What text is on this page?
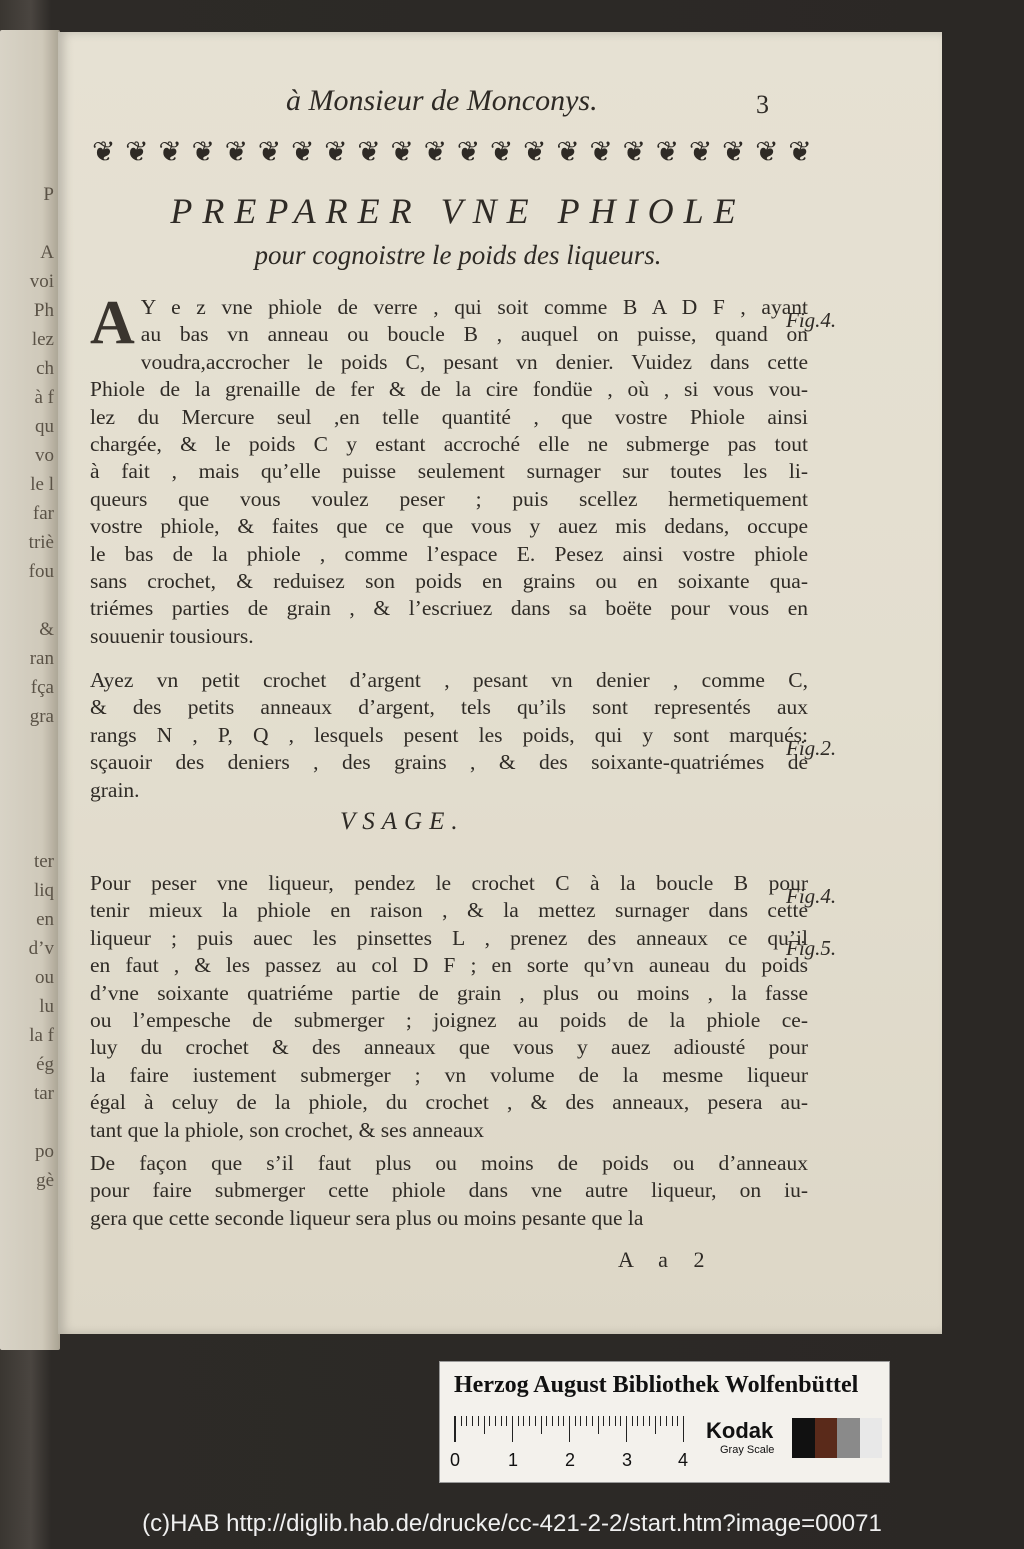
P
A
voi
Ph
lez
ch
à f
qu
vo
le l
far
triè
fou
&
ran
fça
gra
ter
liq
en
d’v
ou
lu
la f
ég
tar
po
gè
à Monsieur de Monconys.	3
❦ ❦ ❦ ❦ ❦ ❦ ❦ ❦ ❦ ❦ ❦ ❦ ❦ ❦ ❦ ❦ ❦ ❦ ❦ ❦ ❦ ❦
PREPARER VNE PHIOLE
pour cognoistre le poids des liqueurs.
A Y e z vne phiole de verre , qui soit comme B A D F , ayant
au bas vn anneau ou boucle B , auquel on puisse, quand on
voudra,accrocher le poids C, pesant vn denier. Vuidez dans cette
Phiole de la grenaille de fer & de la cire fondüe , où , si vous vou-
lez du Mercure seul ,en telle quantité , que vostre Phiole ainsi
chargée, & le poids C y estant accroché elle ne submerge pas tout
à fait , mais qu’elle puisse seulement surnager sur toutes les li-
queurs que vous voulez peser ; puis scellez hermetiquement
vostre phiole, & faites que ce que vous y auez mis dedans, occupe
le bas de la phiole , comme l’espace E. Pesez ainsi vostre phiole
sans crochet, & reduisez son poids en grains ou en soixante qua-
triémes parties de grain , & l’escriuez dans sa boëte pour vous en
souuenir tousiours.
Fig.4.
Ayez vn petit crochet d’argent , pesant vn denier , comme C,
& des petits anneaux d’argent, tels qu’ils sont representés aux
rangs N , P, Q , lesquels pesent les poids, qui y sont marqués:
sçauoir des deniers , des grains , & des soixante-quatriémes de
grain.
Fig.2.
VSAGE.
Pour peser vne liqueur, pendez le crochet C à la boucle B pour
tenir mieux la phiole en raison , & la mettez surnager dans cette
liqueur ; puis auec les pinsettes L , prenez des anneaux ce qu’il
en faut , & les passez au col D F ; en sorte qu’vn auneau du poids
d’vne soixante quatriéme partie de grain , plus ou moins , la fasse
ou l’empesche de submerger ; joignez au poids de la phiole ce-
luy du crochet & des anneaux que vous y auez adiousté pour
la faire iustement submerger ; vn volume de la mesme liqueur
égal à celuy de la phiole, du crochet , & des anneaux, pesera au-
tant que la phiole, son crochet, & ses anneaux
Fig.4.
Fig.5.
De façon que s’il faut plus ou moins de poids ou d’anneaux
pour faire submerger cette phiole dans vne autre liqueur, on iu-
gera que cette seconde liqueur sera plus ou moins pesante que la
A a 2
Herzog August Bibliothek Wolfenbüttel
0	1	2	3	4
Kodak
Gray Scale
(c)HAB http://diglib.hab.de/drucke/cc-421-2-2/start.htm?image=00071
